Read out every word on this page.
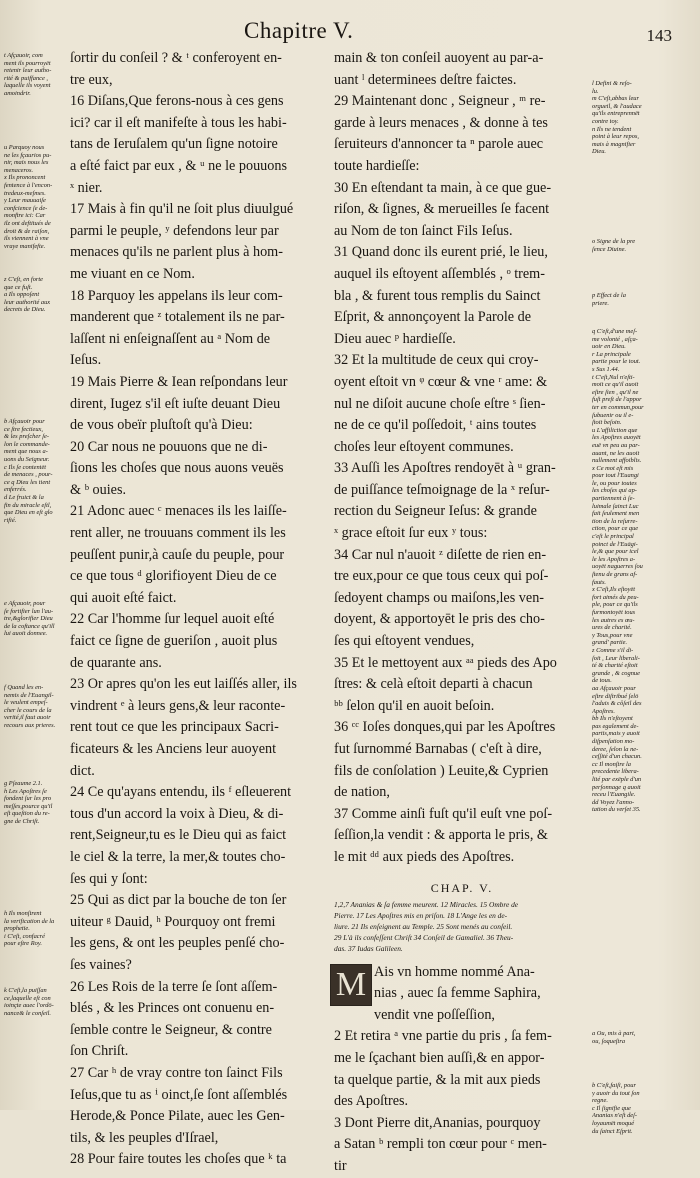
Chapitre V.	143
t Afçauoir, com
ment ils pourroyēt
retenir leur autho-
rité & puiffance ,
laquelle ils voyent
amoindrir.
u Parquoy nous
ne les fçaurios pu-
nir, mais nous les
menaceros.
x Ils prononcent
fentence à l'encon-
tredeux-meſmes.
y Leur mauuaiſe
confcience ſe de-
monftre ici: Car
ilz ont deftitués de
droit & de raiſon,
ils viennent à vne
vraye manifefte.
z C'eſt, en forte
que ce fuſt.
a Ils oppoſent
leur authorité aux
decrets de Dieu.
b Afçauoir pour
ce ſtre fectieux,
& les preſcher ſe-
lon le commande-
ment que nous a-
uons du Seigneur.
c Ils ſe contentēt
de menaces , pour-
ce q Dieu les tient
enferrés.
d Le fruict & la
fin du miracle eſtl,
que Dieu en eſt glo
rifié.
e Afçauoir, pour
ſe fortifier lun l'au-
tre,&glorifier Dieu
de la coftance qu'ill
lui auoit donnee.
f Quand les en-
nemis de l'Euangil-
le veulent empeſ-
cher le cours de la
verité,il faut auoir
recours aux prieres.
g Pſeaume 2.1.
h Les Apoſtres ſe
fondent ſur les pro
meſſes,pource qu'il
eſt queſtion du re-
gne de Chriſt.
h Ils monſtrent
la verification de la
prophetie.
i C'eſt, confacré
pour eſtre Roy.
k C'eſt,la puiſſan
ce,laquelle eſt con
ioinçte auec l'ordō-
nance& le conſeil.
l Defini & reſo-
lu.
m C'eſt,abbas leur
orgueil, & l'audace
qu'ils entreprennēt
contre toy.
n Ils ne tendent
point à leur repos,
mais à magnifier
Dieu.
o Signe de la pre
ſence Diuine.
p Effect de la
priere.
q C'eſt,d'une meſ-
me volonté , aſça-
uoir en Dieu.
r La principale
partie pour le tout.
s Sus 1.44.
t C'eſt,Nul n'eſti-
moit ce qu'il auoit
eſtre ſien , qu'il ne
fuſt preſt de l'appor
ter en commun,pour
ſubuenir ou il e-
ſtoit beſoin.
u L'affiliction que
les Apoſtres auoyēt
euë vn peu au par-
auant, ne les auoit
nullement affoiblis.
x Ce mot eſt mis
pour tout l'Euangi
le, ou pour toutes
les choſes qui ap-
partiennent à ſe-
luimale ſainct Luc
fait ſeulement men
tion de la reſurre-
ction, pour ce que
c'eſt le principal
poinct de l'Euāgi-
le,& que pour icel
le les Apoſtres a-
uoyēt naguerres ſou
ſtenu de grans af-
fauts.
x C'eſt,Ils eſtoyēt
fort aimés du peu-
ple, pour ce qu'ils
furmontoyēt tous
les autres es œu-
ures de charité.
y Tous,pour vne
grand' partie.
z Comme s'il di-
ſoit , Leur liberali-
té & charité eſtoit
grande , & cognue
de tous.
aa Afçauoir pour
eſtre diſtribué ſelō
l'aduis & côſeil des
Apoſtres.
bb Ils n'eſtoyent
pas egalement de-
partis,mais y auoit
diſpenſation mo-
deree, ſelon la ne-
ceſſité d'un chacun.
cc Il monſtre la
precedente libera-
lité par exēple d'un
perſonnage q auoit
receu l'Euangile.
dd Voyez l'anno-
tation du verſet 35.
a Ou, mis à part,
ou, ſoqueſtra
b C'eſt,faiſi, pour
y auoir du tout ſon
regne.
c Il ſignifie que
Ananias n'eſt deſ-
loyaumēt moqué
du ſainct Eſprit.
ſortir du conſeil ? & ᵗ conferoyent en-
tre eux,
16 Diſans,Que ferons-nous à ces gens
ici? car il eſt manifeſte à tous les habi-
tans de Ieruſalem qu'un ſigne notoire
a eſté faict par eux , & ᵘ ne le pouuons
ˣ nier.
17 Mais à fin qu'il ne ſoit plus diuulgué
parmi le peuple, ʸ defendons leur par
menaces qu'ils ne parlent plus à hom-
me viuant en ce Nom.
18 Parquoy les appelans ils leur com-
manderent que ᶻ totalement ils ne par-
laſſent ni enſeignaſſent au ᵃ Nom de
Ieſus.
19 Mais Pierre & Iean reſpondans leur
dirent, Iugez s'il eſt iuſte deuant Dieu
de vous obeïr pluſtoſt qu'à Dieu:
20 Car nous ne pouuons que ne di-
ſions les choſes que nous auons veuës
& ᵇ ouies.
21 Adonc auec ᶜ menaces ils les laiſſe-
rent aller, ne trouuans comment ils les
peuſſent punir,à cauſe du peuple, pour
ce que tous ᵈ glorifioyent Dieu de ce
qui auoit eſté faict.
22 Car l'homme ſur lequel auoit eſté
faict ce ſigne de gueriſon , auoit plus
de quarante ans.
23 Or apres qu'on les eut laiſſés aller, ils
vindrent ᵉ à leurs gens,& leur raconte-
rent tout ce que les principaux Sacri-
ficateurs & les Anciens leur auoyent
dict.
24 Ce qu'ayans entendu, ils ᶠ eſleuerent
tous d'un accord la voix à Dieu, & di-
rent,Seigneur,tu es le Dieu qui as faict
le ciel & la terre, la mer,& toutes cho-
ſes qui y ſont:
25 Qui as dict par la bouche de ton ſer
uiteur ᵍ Dauid, ʰ Pourquoy ont fremi
les gens, & ont les peuples penſé cho-
ſes vaines?
26 Les Rois de la terre ſe ſont aſſem-
blés , & les Princes ont conuenu en-
ſemble contre le Seigneur, & contre
ſon Chriſt.
27 Car ʰ de vray contre ton ſainct Fils
Ieſus,que tu as ⁱ oinct,ſe ſont aſſemblés
Herode,& Ponce Pilate, auec les Gen-
tils, & les peuples d'Iſrael,
28 Pour faire toutes les choſes que ᵏ ta
main & ton conſeil auoyent au par-a-
uant ˡ determinees deſtre faictes.
29 Maintenant donc , Seigneur , ᵐ re-
garde à leurs menaces , & donne à tes
ſeruiteurs d'annoncer ta ⁿ parole auec
toute hardieſſe:
30 En eſtendant ta main, à ce que gue-
riſon, & ſignes, & merueilles ſe facent
au Nom de ton ſainct Fils Ieſus.
31 Quand donc ils eurent prié, le lieu,
auquel ils eſtoyent aſſemblés , ᵒ trem-
bla , & furent tous remplis du Sainct
Eſprit, & annonçoyent la Parole de
Dieu auec ᵖ hardieſſe.
32 Et la multitude de ceux qui croy-
oyent eſtoit vn ᵠ cœur & vne ʳ ame: &
nul ne diſoit aucune choſe eſtre ˢ ſien-
ne de ce qu'il poſſedoit, ᵗ ains toutes
choſes leur eſtoyent communes.
33 Auſſi les Apoſtres rendoyēt à ᵘ gran-
de puiſſance teſmoignage de la ˣ reſur-
rection du Seigneur Ieſus: & grande
ˣ grace eſtoit ſur eux ʸ tous:
34 Car nul n'auoit ᶻ diſette de rien en-
tre eux,pour ce que tous ceux qui poſ-
ſedoyent champs ou maiſons,les ven-
doyent, & apportoyēt le pris des cho-
ſes qui eſtoyent vendues,
35 Et le mettoyent aux ᵃᵃ pieds des Apo
ſtres: & celà eſtoit departi à chacun
ᵇᵇ ſelon qu'il en auoit beſoin.
36 ᶜᶜ Ioſes donques,qui par les Apoſtres
fut ſurnommé Barnabas ( c'eſt à dire,
fils de conſolation ) Leuite,& Cyprien
de nation,
37 Comme ainſi fuſt qu'il euſt vne poſ-
ſeſſion,la vendit : & apporta le pris, &
le mit ᵈᵈ aux pieds des Apoſtres.
CHAP. V.
1,2,7 Ananias & ſa femme meurent. 12 Miracles. 15 Ombre de
Pierre. 17 Les Apoſtres mis en priſon. 18 L'Ange les en de-
liure. 21 Ils enſeignent au Temple. 25 Sont menés au conſeil.
29 L'à ils confeſſent Chriſt 34 Conſeil de Gamaliel. 36 Theu-
das. 37 Iudas Galileen.
M Ais vn homme nommé Ana-
nias , auec ſa femme Saphira,
vendit vne poſſeſſion,
2 Et retira ᵃ vne partie du pris , ſa fem-
me le ſçachant bien auſſi,& en appor-
ta quelque partie, & la mit aux pieds
des Apoſtres.
3 Dont Pierre dit,Ananias, pourquoy
a Satan ᵇ rempli ton cœur pour ᶜ men-
tir
